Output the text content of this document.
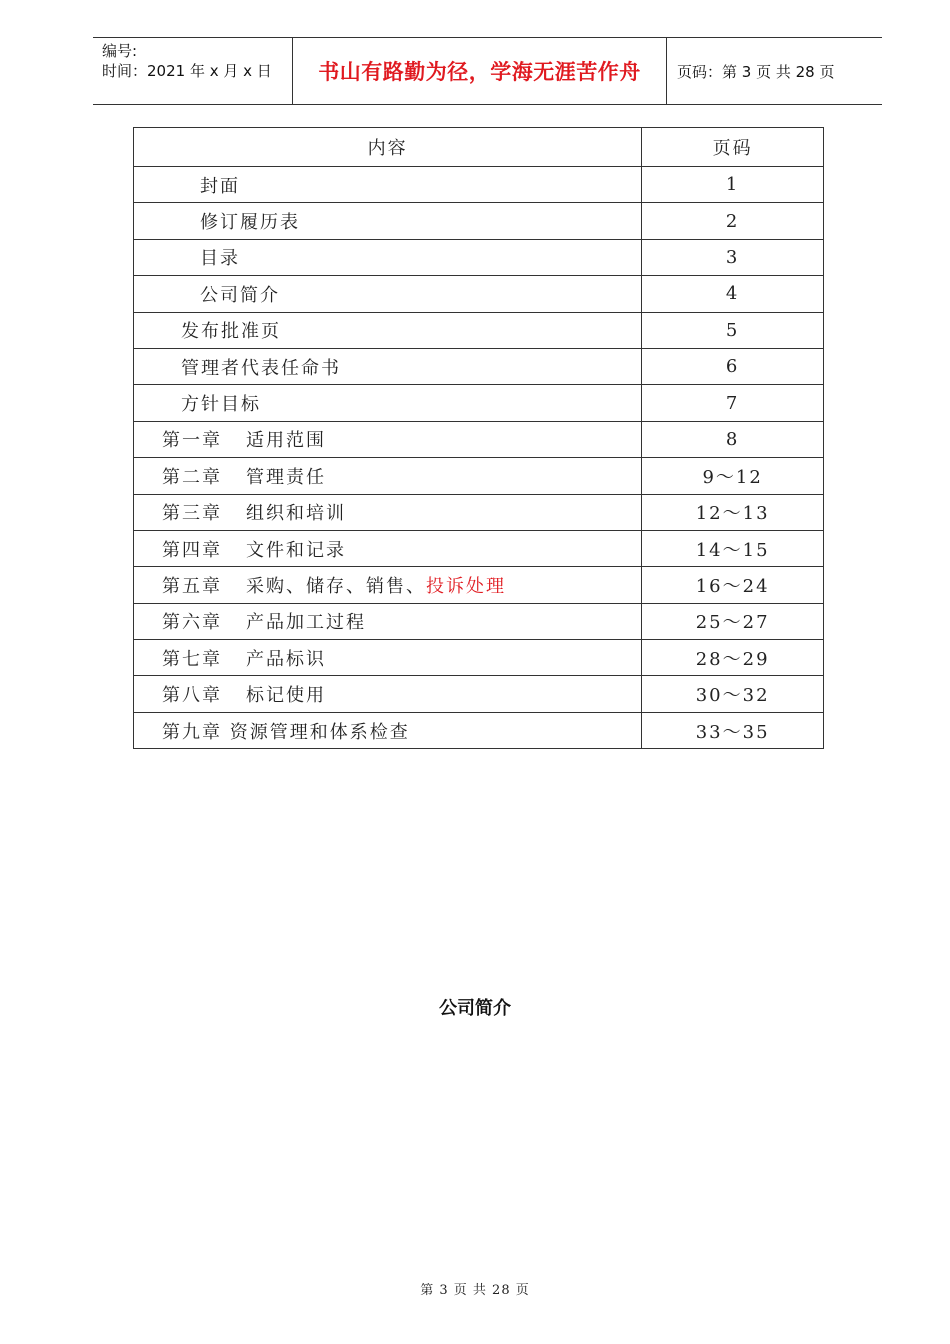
编号:
时间：2021 年 x 月 x 日	书山有路勤为径，学海无涯苦作舟	页码：第 3 页 共 28 页
内容	页码
封面	1
修订履历表	2
目录	3
公司简介	4
发布批准页	5
管理者代表任命书	6
方针目标	7
第一章 适用范围	8
第二章 管理责任	9～12
第三章 组织和培训	12～13
第四章 文件和记录	14～15
第五章 采购、储存、销售、投诉处理	16～24
第六章 产品加工过程	25～27
第七章 产品标识	28～29
第八章 标记使用	30～32
第九章 资源管理和体系检查	33～35
公司简介
第 3 页 共 28 页
